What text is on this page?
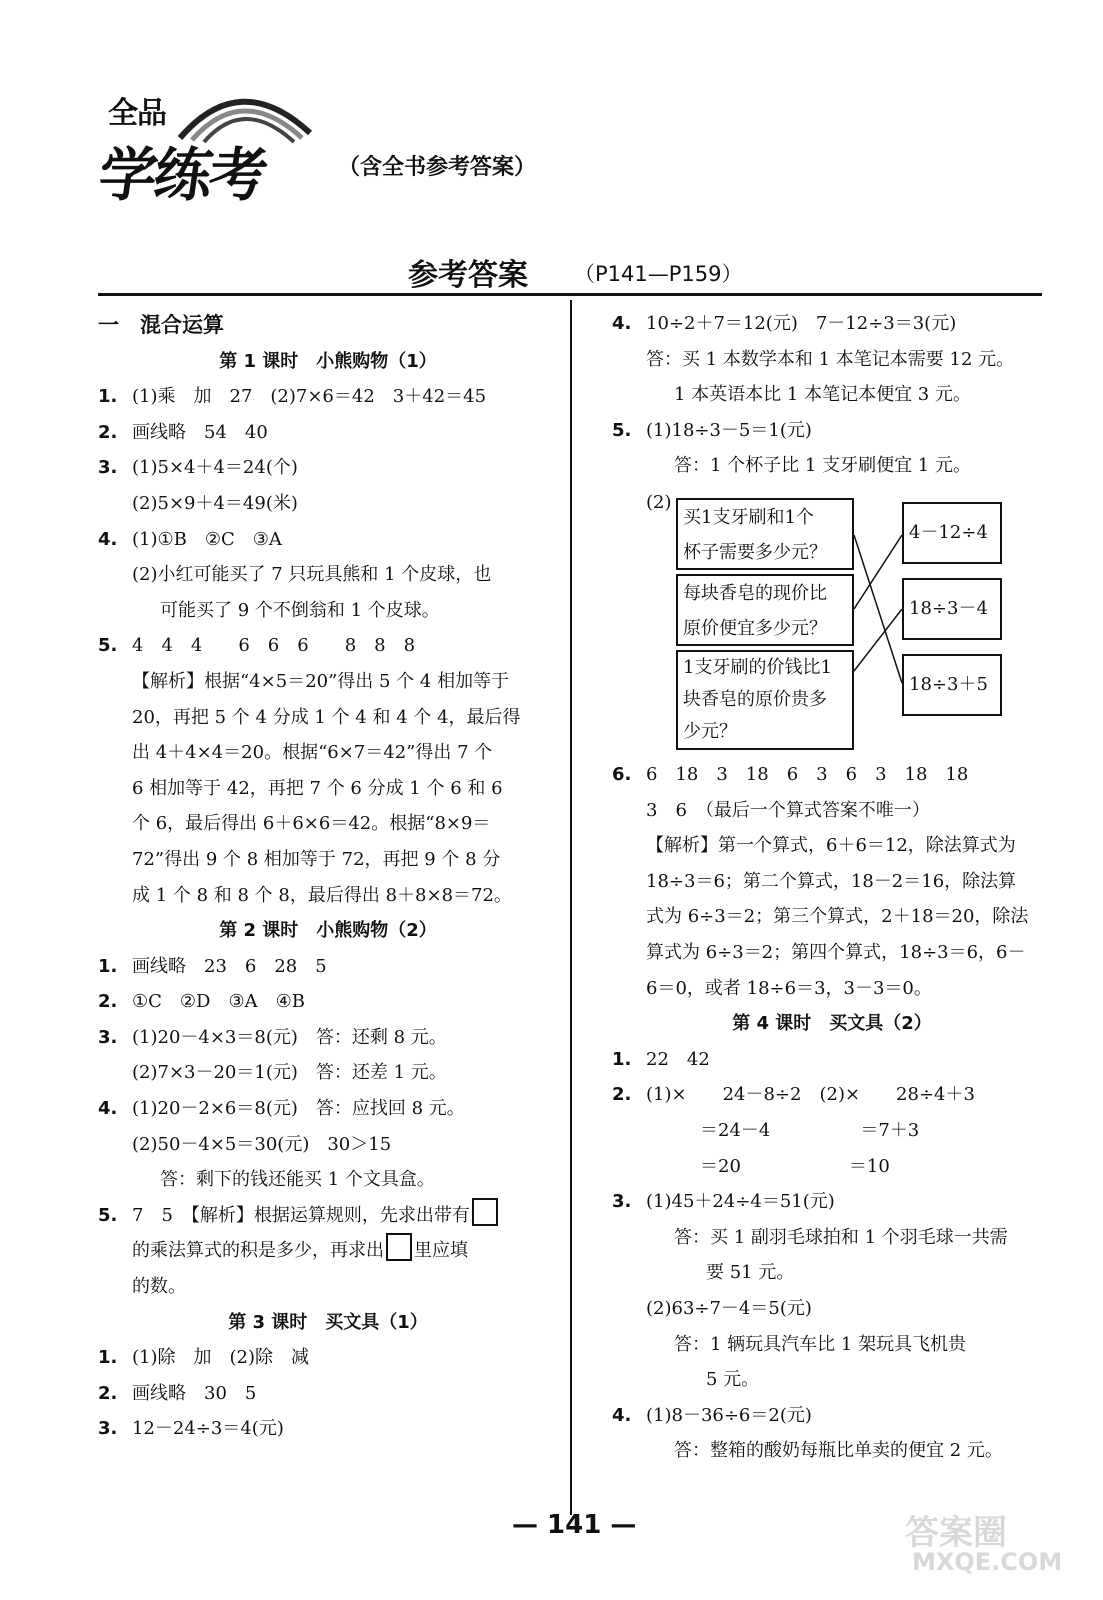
全品
学练考	（含全书参考答案）
参考答案 （P141—P159）

一　混合运算

第 1 课时　小熊购物（1）

1. (1)乘　加　27　(2)7×6＝42　3＋42＝45

2. 画线略　54　40

3. (1)5×4＋4＝24(个)

(2)5×9＋4＝49(米)

4. (1)①B　②C　③A

(2)小红可能买了 7 只玩具熊和 1 个皮球，也

可能买了 9 个不倒翁和 1 个皮球。

5. 4　4　4　　6　6　6　　8　8　8

【解析】根据“4×5＝20”得出 5 个 4 相加等于

20，再把 5 个 4 分成 1 个 4 和 4 个 4，最后得

出 4＋4×4＝20。根据“6×7＝42”得出 7 个

6 相加等于 42，再把 7 个 6 分成 1 个 6 和 6

个 6，最后得出 6＋6×6＝42。根据“8×9＝

72”得出 9 个 8 相加等于 72，再把 9 个 8 分

成 1 个 8 和 8 个 8，最后得出 8＋8×8＝72。

第 2 课时　小熊购物（2）

1. 画线略　23　6　28　5

2. ①C　②D　③A　④B

3. (1)20－4×3＝8(元)　答：还剩 8 元。

(2)7×3－20＝1(元)　答：还差 1 元。

4. (1)20－2×6＝8(元)　答：应找回 8 元。

(2)50－4×5＝30(元)　30＞15

答：剩下的钱还能买 1 个文具盒。

5. 7　5　【解析】根据运算规则，先求出带有

的乘法算式的积是多少，再求出 里应填

的数。

第 3 课时　买文具（1）

1. (1)除　加　(2)除　减

2. 画线略　30　5

3. 12－24÷3＝4(元)

4. 10÷2＋7＝12(元)　7－12÷3＝3(元)

答：买 1 本数学本和 1 本笔记本需要 12 元。

1 本英语本比 1 本笔记本便宜 3 元。

5. (1)18÷3－5＝1(元)

答：1 个杯子比 1 支牙刷便宜 1 元。

(2)
买1支牙刷和1个
杯子需要多少元？
每块香皂的现价比
原价便宜多少元？
1支牙刷的价钱比1
块香皂的原价贵多
少元？
4－12÷4
18÷3－4
18÷3＋5

6. 6　18　3　18　6　3　6　3　18　18

3　6　（最后一个算式答案不唯一）

【解析】第一个算式，6＋6＝12，除法算式为

18÷3＝6；第二个算式，18－2＝16，除法算

式为 6÷3＝2；第三个算式，2＋18＝20，除法

算式为 6÷3＝2；第四个算式，18÷3＝6，6－

6＝0，或者 18÷6＝3，3－3＝0。

第 4 课时　买文具（2）

1. 22　42

2. (1)×　　24－8÷2　(2)×　　28÷4＋3

　　　＝24－4　　　　　＝7＋3

　　　＝20　　　　　　＝10

3. (1)45＋24÷4＝51(元)

答：买 1 副羽毛球拍和 1 个羽毛球一共需

要 51 元。

(2)63÷7－4＝5(元)

答：1 辆玩具汽车比 1 架玩具飞机贵

5 元。

4. (1)8－36÷6＝2(元)

答：整箱的酸奶每瓶比单卖的便宜 2 元。

— 141 —	答案圈
MXQE.COM
